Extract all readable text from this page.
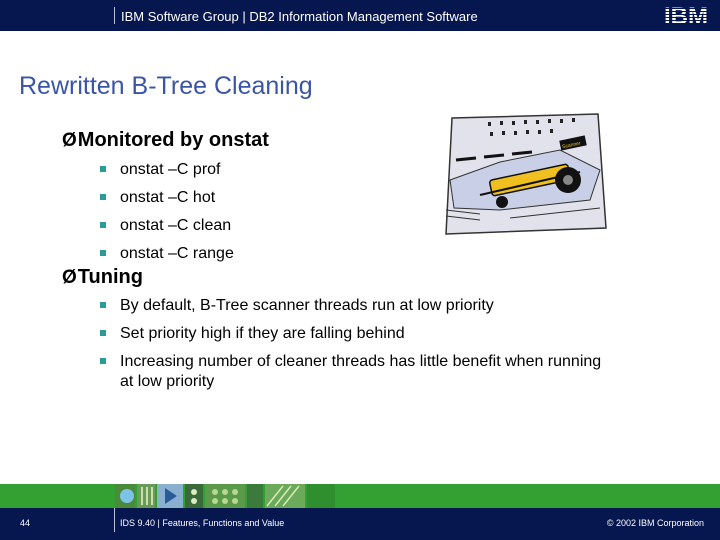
IBM Software Group | DB2 Information Management Software	IBM
Rewritten B-Tree Cleaning
ØMonitored by onstat
onstat –C prof
onstat –C hot
onstat –C clean
onstat –C range
ØTuning
By default, B-Tree scanner threads run at low priority
Set priority high if they are falling behind
Increasing number of cleaner threads has little benefit when running at low priority
Scanner
44	IDS 9.40 | Features, Functions and Value	© 2002 IBM Corporation
